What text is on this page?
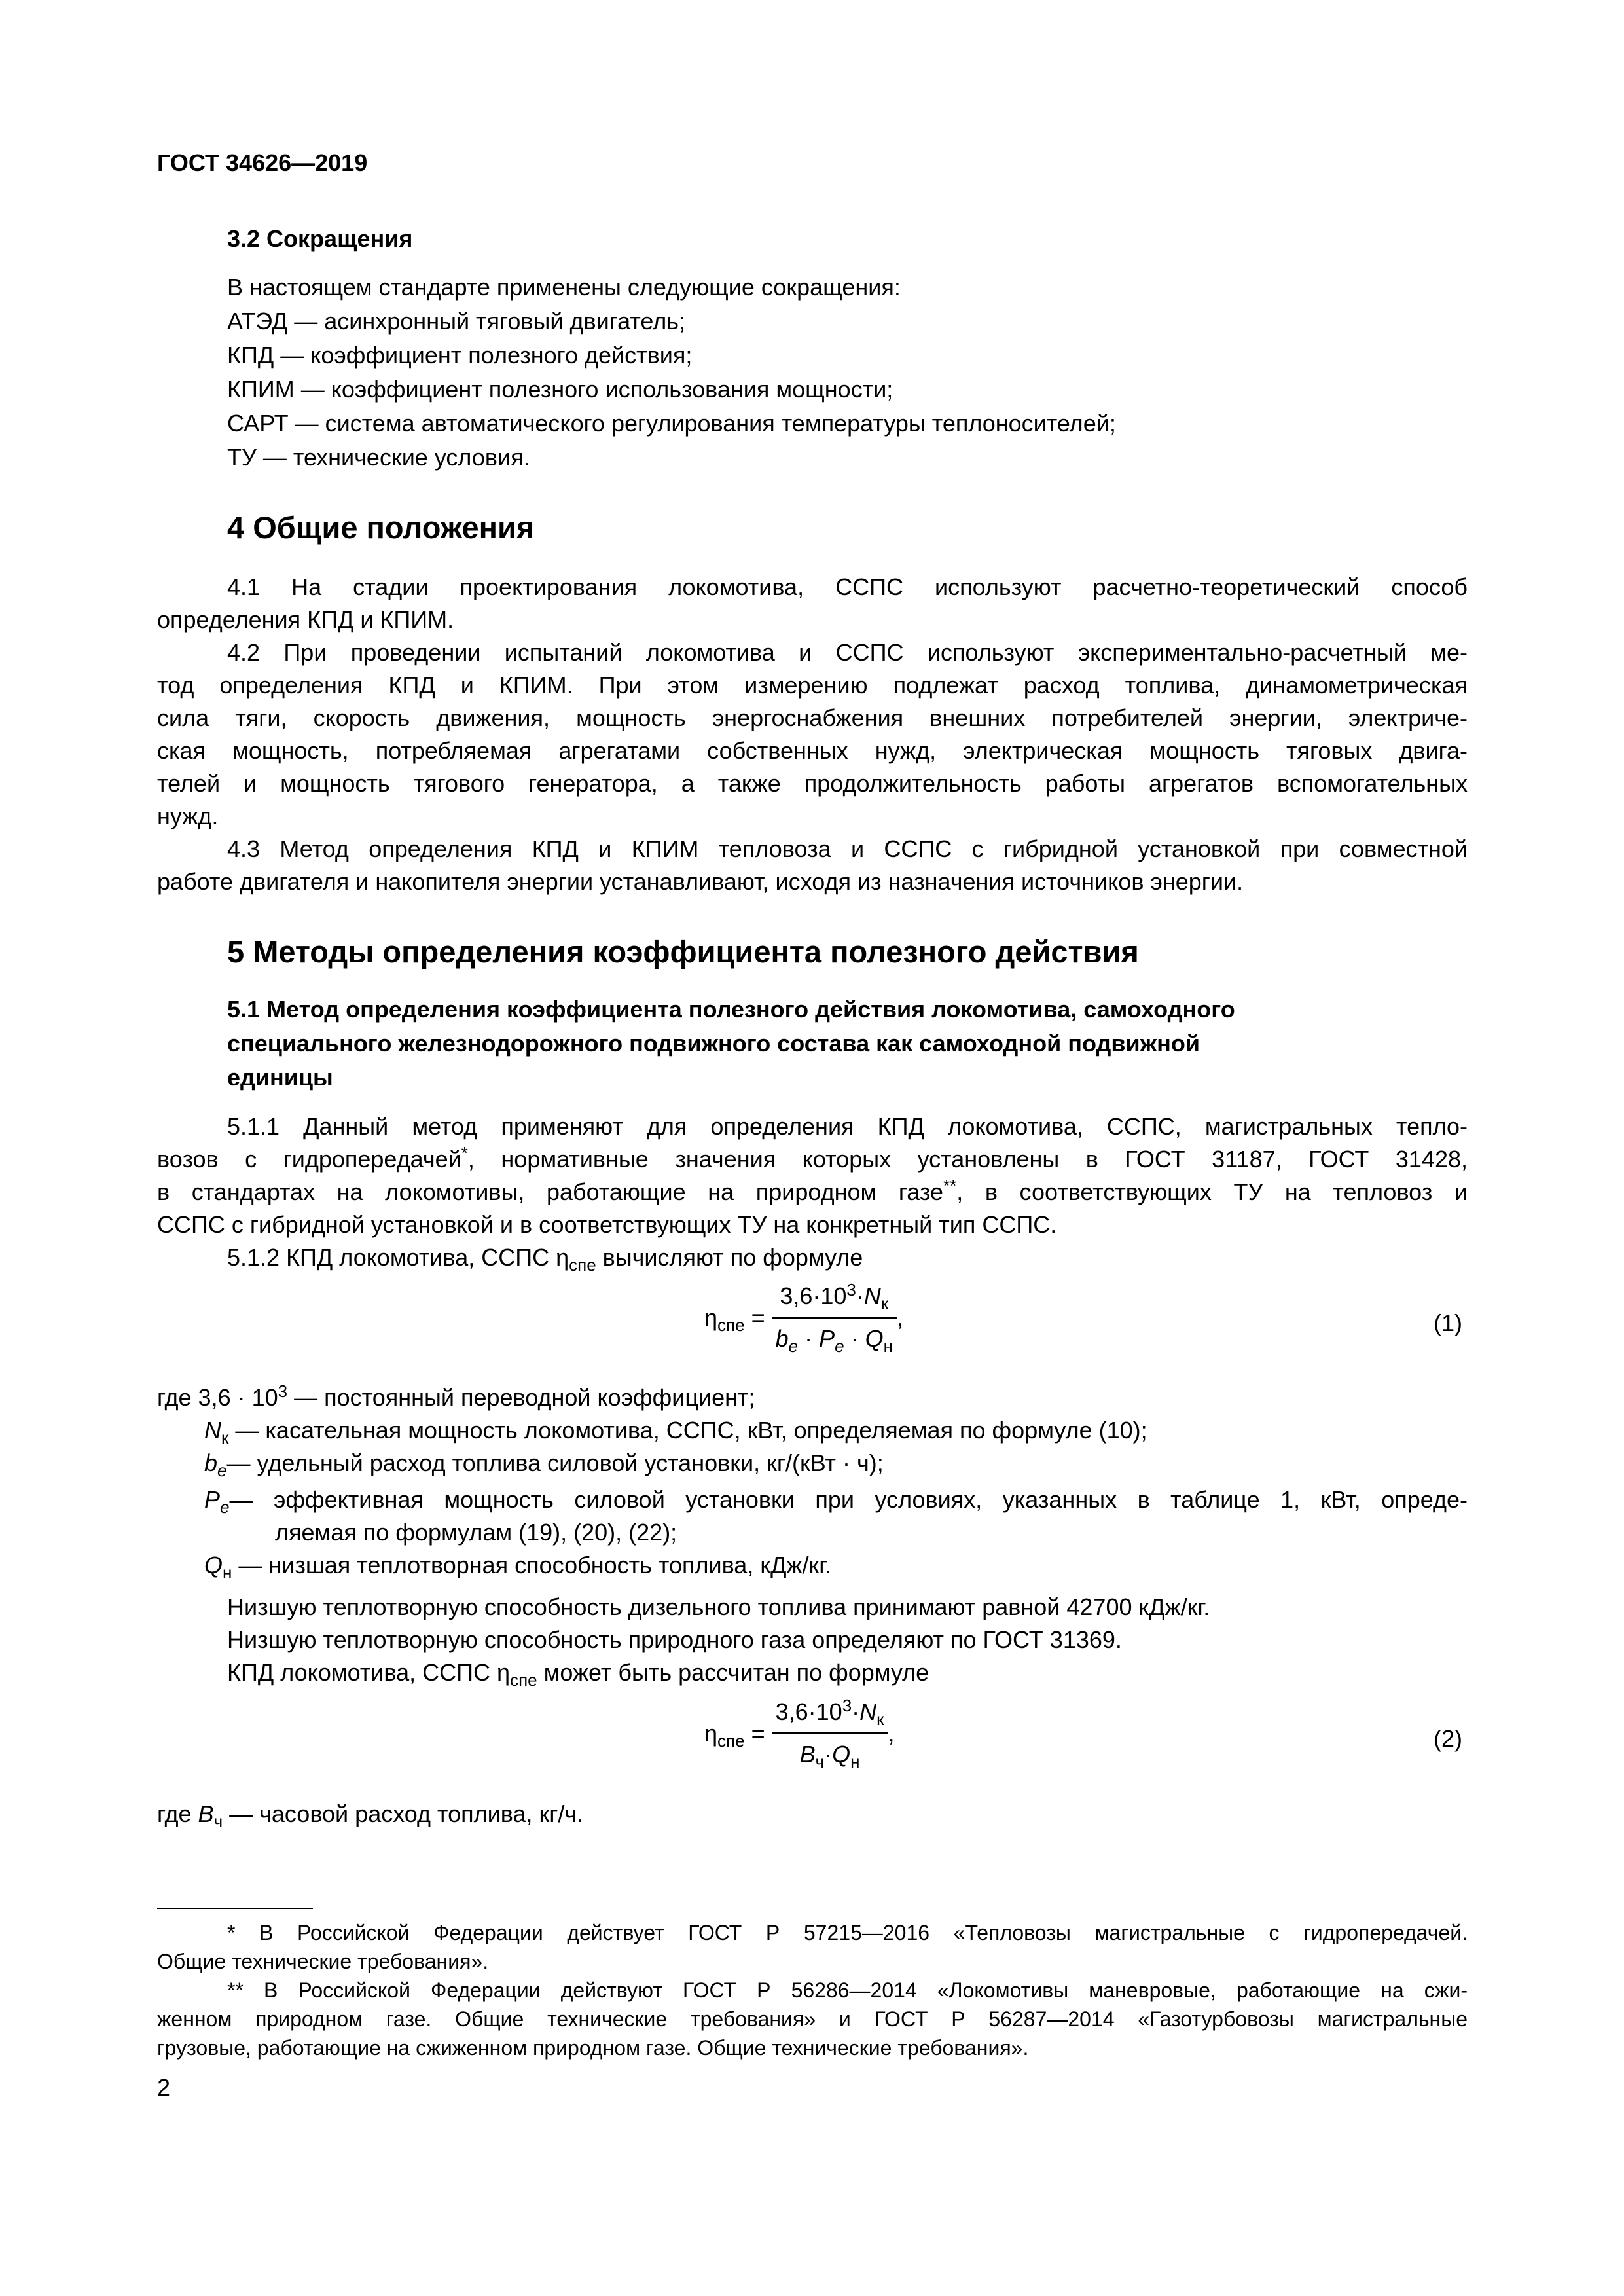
ГОСТ 34626—2019
3.2 Сокращения
В настоящем стандарте применены следующие сокращения:
АТЭД — асинхронный тяговый двигатель;
КПД — коэффициент полезного действия;
КПИМ — коэффициент полезного использования мощности;
САРТ — система автоматического регулирования температуры теплоносителей;
ТУ — технические условия.
4 Общие положения
4.1 На стадии проектирования локомотива, ССПС используют расчетно-теоретический способ
определения КПД и КПИМ.
4.2 При проведении испытаний локомотива и ССПС используют экспериментально-расчетный ме-
тод определения КПД и КПИМ. При этом измерению подлежат расход топлива, динамометрическая
сила тяги, скорость движения, мощность энергоснабжения внешних потребителей энергии, электриче-
ская мощность, потребляемая агрегатами собственных нужд, электрическая мощность тяговых двига-
телей и мощность тягового генератора, а также продолжительность работы агрегатов вспомогательных
нужд.
4.3 Метод определения КПД и КПИМ тепловоза и ССПС с гибридной установкой при совместной
работе двигателя и накопителя энергии устанавливают, исходя из назначения источников энергии.
5 Методы определения коэффициента полезного действия
5.1 Метод определения коэффициента полезного действия локомотива, самоходного
специального железнодорожного подвижного состава как самоходной подвижной
единицы
5.1.1 Данный метод применяют для определения КПД локомотива, ССПС, магистральных тепло-
возов с гидропередачей*, нормативные значения которых установлены в ГОСТ 31187, ГОСТ 31428,
в стандартах на локомотивы, работающие на природном газе**, в соответствующих ТУ на тепловоз и
ССПС с гибридной установкой и в соответствующих ТУ на конкретный тип ССПС.
5.1.2 КПД локомотива, ССПС $\eta_{спе}$ вычисляют по формуле
$\eta_{спе} = \frac{3,6\cdot 10^3\cdot N_к}{b_e \cdot P_e \cdot Q_н}$ ,	(1)
где $3,6 \cdot 10^3$ — постоянный переводной коэффициент;
$N_к$ — касательная мощность локомотива, ССПС, кВт, определяемая по формуле (10);
$b_e—$ удельный расход топлива силовой установки, кг/(кВт · ч);
$P_e—$ эффективная мощность силовой установки при условиях, указанных в таблице 1, кВт, опреде-
ляемая по формулам (19), (20), (22);
$Q_н$ — низшая теплотворная способность топлива, кДж/кг.
Низшую теплотворную способность дизельного топлива принимают равной 42700 кДж/кг.
Низшую теплотворную способность природного газа определяют по ГОСТ 31369.
КПД локомотива, ССПС $\eta_{спе}$ может быть рассчитан по формуле
$\eta_{спе} = \frac{3,6\cdot 10^3\cdot N_к}{B_ч\cdot Q_н}$ ,	(2)
где $B_ч$ — часовой расход топлива, кг/ч.
* В Российской Федерации действует ГОСТ Р 57215—2016 «Тепловозы магистральные с гидропередачей.
Общие технические требования».
** В Российской Федерации действуют ГОСТ Р 56286—2014 «Локомотивы маневровые, работающие на сжи-
женном природном газе. Общие технические требования» и ГОСТ Р 56287—2014 «Газотурбовозы магистральные
грузовые, работающие на сжиженном природном газе. Общие технические требования».
2
